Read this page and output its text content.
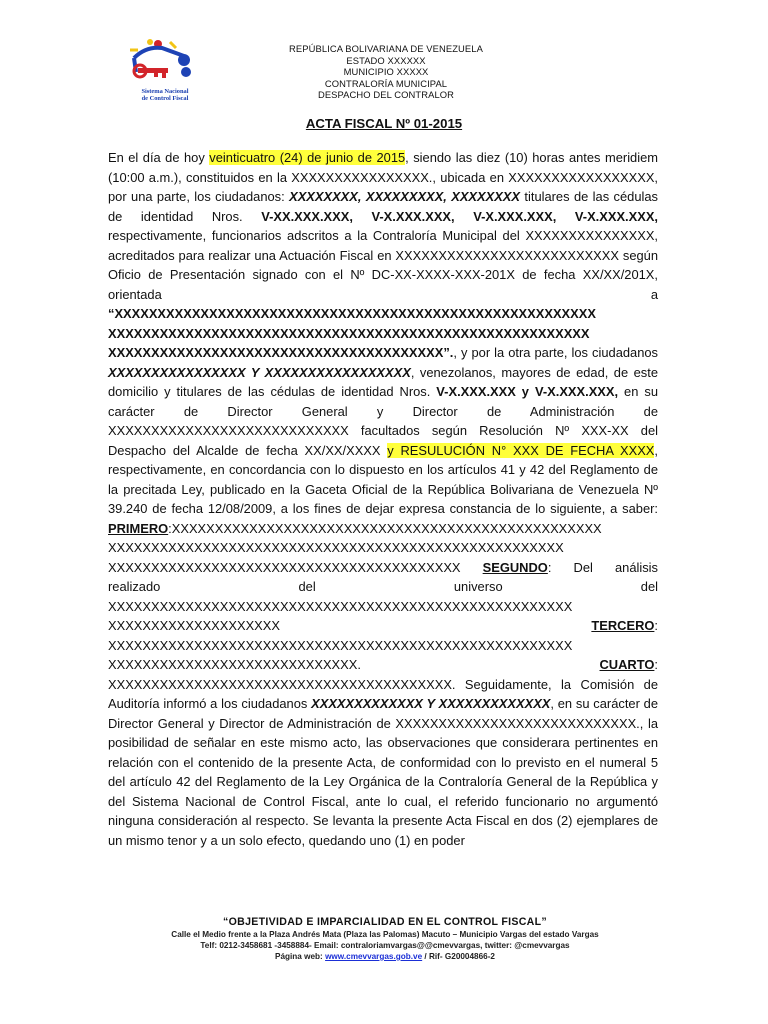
Sistema Nacional
de Control Fiscal
REPÚBLICA BOLIVARIANA DE VENEZUELA
ESTADO XXXXXX
MUNICIPIO XXXXX
CONTRALORÍA MUNICIPAL
DESPACHO DEL CONTRALOR
ACTA FISCAL Nº 01-2015

En el día de hoy veinticuatro (24) de junio de 2015, siendo las diez (10) horas antes meridiem (10:00 a.m.), constituidos en la XXXXXXXXXXXXXXXX., ubicada en XXXXXXXXXXXXXXXXX, por una parte, los ciudadanos: XXXXXXXX, XXXXXXXXX, XXXXXXXX titulares de las cédulas de identidad Nros. V-XX.XXX.XXX, V-X.XXX.XXX, V-X.XXX.XXX, V-X.XXX.XXX, respectivamente, funcionarios adscritos a la Contraloría Municipal del XXXXXXXXXXXXXXX, acreditados para realizar una Actuación Fiscal en XXXXXXXXXXXXXXXXXXXXXXXXXX según Oficio de Presentación signado con el Nº DC-XX-XXXX-XXX-201X de fecha XX/XX/201X, orientada a “XXXXXXXXXXXXXXXXXXXXXXXXXXXXXXXXXXXXXXXXXXXXXXXXXXXXXXXX XXXXXXXXXXXXXXXXXXXXXXXXXXXXXXXXXXXXXXXXXXXXXXXXXXXXXXXX XXXXXXXXXXXXXXXXXXXXXXXXXXXXXXXXXXXXXXX”., y por la otra parte, los ciudadanos XXXXXXXXXXXXXXXX Y XXXXXXXXXXXXXXXXX, venezolanos, mayores de edad, de este domicilio y titulares de las cédulas de identidad Nros. V-X.XXX.XXX y V-X.XXX.XXX, en su carácter de Director General y Director de Administración de XXXXXXXXXXXXXXXXXXXXXXXXXXXX facultados según Resolución Nº XXX-XX del Despacho del Alcalde de fecha XX/XX/XXXX y RESULUCIÓN N° XXX DE FECHA XXXX, respectivamente, en concordancia con lo dispuesto en los artículos 41 y 42 del Reglamento de la precitada Ley, publicado en la Gaceta Oficial de la República Bolivariana de Venezuela Nº 39.240 de fecha 12/08/2009, a los fines de dejar expresa constancia de lo siguiente, a saber: PRIMERO:XXXXXXXXXXXXXXXXXXXXXXXXXXXXXXXXXXXXXXXXXXXXXXXXXX XXXXXXXXXXXXXXXXXXXXXXXXXXXXXXXXXXXXXXXXXXXXXXXXXXXXX XXXXXXXXXXXXXXXXXXXXXXXXXXXXXXXXXXXXXXXXX SEGUNDO: Del análisis realizado del universo del XXXXXXXXXXXXXXXXXXXXXXXXXXXXXXXXXXXXXXXXXXXXXXXXXXXXXX XXXXXXXXXXXXXXXXXXXX TERCERO: XXXXXXXXXXXXXXXXXXXXXXXXXXXXXXXXXXXXXXXXXXXXXXXXXXXXXX XXXXXXXXXXXXXXXXXXXXXXXXXXXXX. CUARTO: XXXXXXXXXXXXXXXXXXXXXXXXXXXXXXXXXXXXXXXX. Seguidamente, la Comisión de Auditoría informó a los ciudadanos XXXXXXXXXXXXX Y XXXXXXXXXXXXX, en su carácter de Director General y Director de Administración de XXXXXXXXXXXXXXXXXXXXXXXXXXXX., la posibilidad de señalar en este mismo acto, las observaciones que considerara pertinentes en relación con el contenido de la presente Acta, de conformidad con lo previsto en el numeral 5 del artículo 42 del Reglamento de la Ley Orgánica de la Contraloría General de la República y del Sistema Nacional de Control Fiscal, ante lo cual, el referido funcionario no argumentó ninguna consideración al respecto. Se levanta la presente Acta Fiscal en dos (2) ejemplares de un mismo tenor y a un solo efecto, quedando uno (1) en poder

“OBJETIVIDAD E IMPARCIALIDAD EN EL CONTROL FISCAL”
Calle el Medio frente a la Plaza Andrés Mata (Plaza las Palomas) Macuto – Municipio Vargas del estado Vargas
Telf: 0212-3458681 -3458884- Email: contraloriamvargas@@cmevvargas, twitter: @cmevvargas
Página web: www.cmevvargas.gob.ve / Rif- G20004866-2
